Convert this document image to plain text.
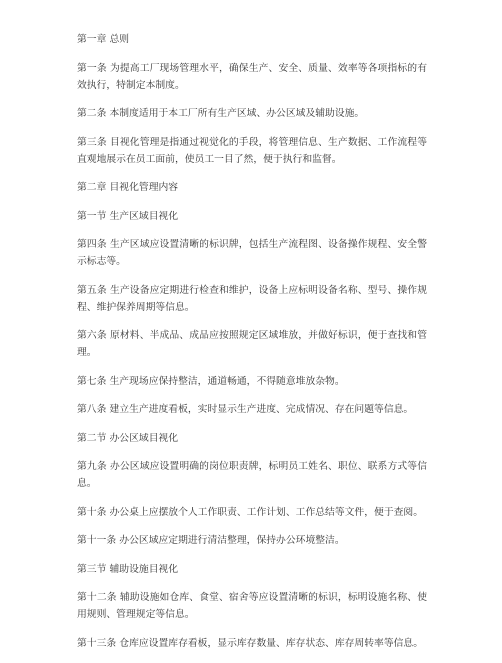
第一章 总则

第一条 为提高工厂现场管理水平，确保生产、安全、质量、效率等各项指标的有效执行，特制定本制度。

第二条 本制度适用于本工厂所有生产区域、办公区域及辅助设施。

第三条 目视化管理是指通过视觉化的手段，将管理信息、生产数据、工作流程等直观地展示在员工面前，使员工一目了然，便于执行和监督。

第二章 目视化管理内容

第一节 生产区域目视化

第四条 生产区域应设置清晰的标识牌，包括生产流程图、设备操作规程、安全警示标志等。

第五条 生产设备应定期进行检查和维护，设备上应标明设备名称、型号、操作规程、维护保养周期等信息。

第六条 原材料、半成品、成品应按照规定区域堆放，并做好标识，便于查找和管理。

第七条 生产现场应保持整洁，通道畅通，不得随意堆放杂物。

第八条 建立生产进度看板，实时显示生产进度、完成情况、存在问题等信息。

第二节 办公区域目视化

第九条 办公区域应设置明确的岗位职责牌，标明员工姓名、职位、联系方式等信息。

第十条 办公桌上应摆放个人工作职责、工作计划、工作总结等文件，便于查阅。

第十一条 办公区域应定期进行清洁整理，保持办公环境整洁。

第三节 辅助设施目视化

第十二条 辅助设施如仓库、食堂、宿舍等应设置清晰的标识，标明设施名称、使用规则、管理规定等信息。

第十三条 仓库应设置库存看板，显示库存数量、库存状态、库存周转率等信息。
